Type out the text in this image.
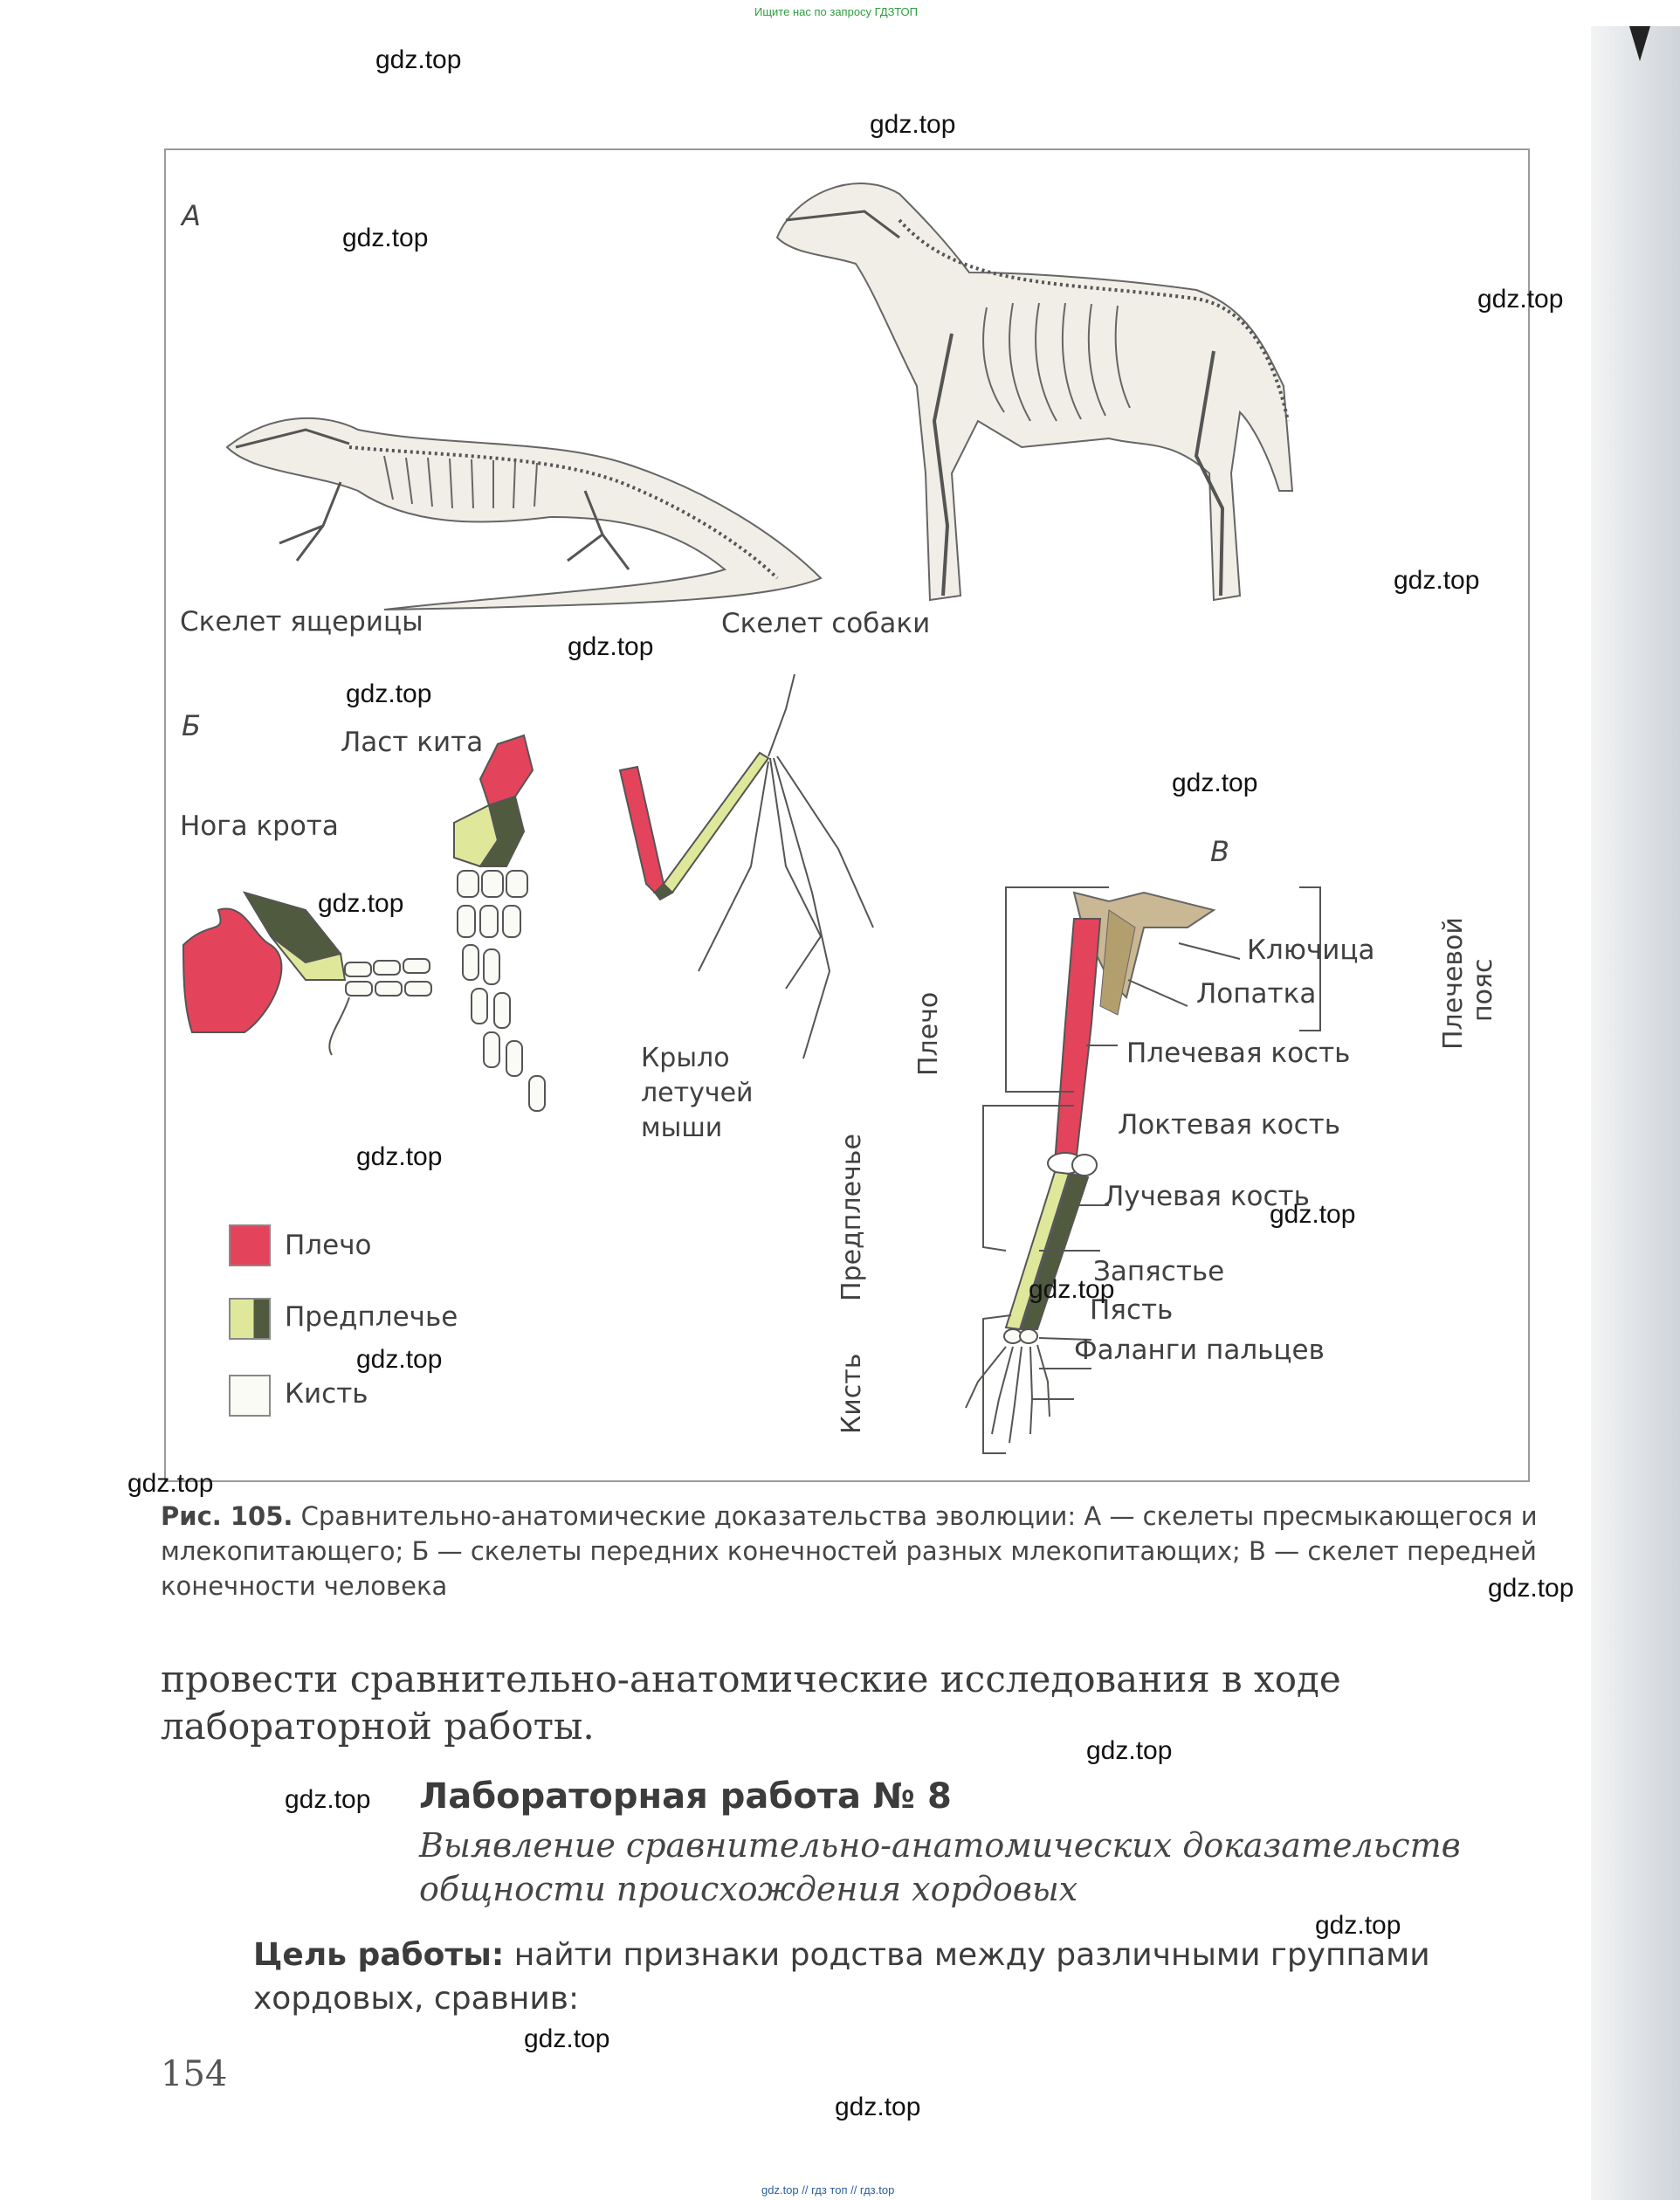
Ищите нас по запросу ГДЗТОП
А
Б
В
Скелет ящерицы	Скелет собаки
Ласт кита
Нога крота
Крыло
летучей
мыши
Плечо
Предплечье
Кисть
Ключица
Лопатка
Плечевая кость
Локтевая кость
Лучевая кость
Запястье
Пясть
Фаланги пальцев
Плечевой пояс
Плечо
Предплечье
Кисть
Рис. 105. Сравнительно-анатомические доказательства эволюции: А — скелеты пресмыкающегося и млекопитающего; Б — скелеты передних конечностей разных млекопитающих; В — скелет передней конечности человека
провести сравнительно-анатомические исследования в ходе лабораторной работы.
Лабораторная работа № 8
Выявление сравнительно-анатомических доказательств общности происхождения хордовых
Цель работы: найти признаки родства между различными группами хордовых, сравнив:
154
gdz.top
gdz.top
gdz.top
gdz.top
gdz.top
gdz.top
gdz.top
gdz.top
gdz.top
gdz.top
gdz.top
gdz.top
gdz.top
gdz.top
gdz.top
gdz.top
gdz.top
gdz.top
gdz.top
gdz.top
gdz.top // гдз топ // гдз.top
